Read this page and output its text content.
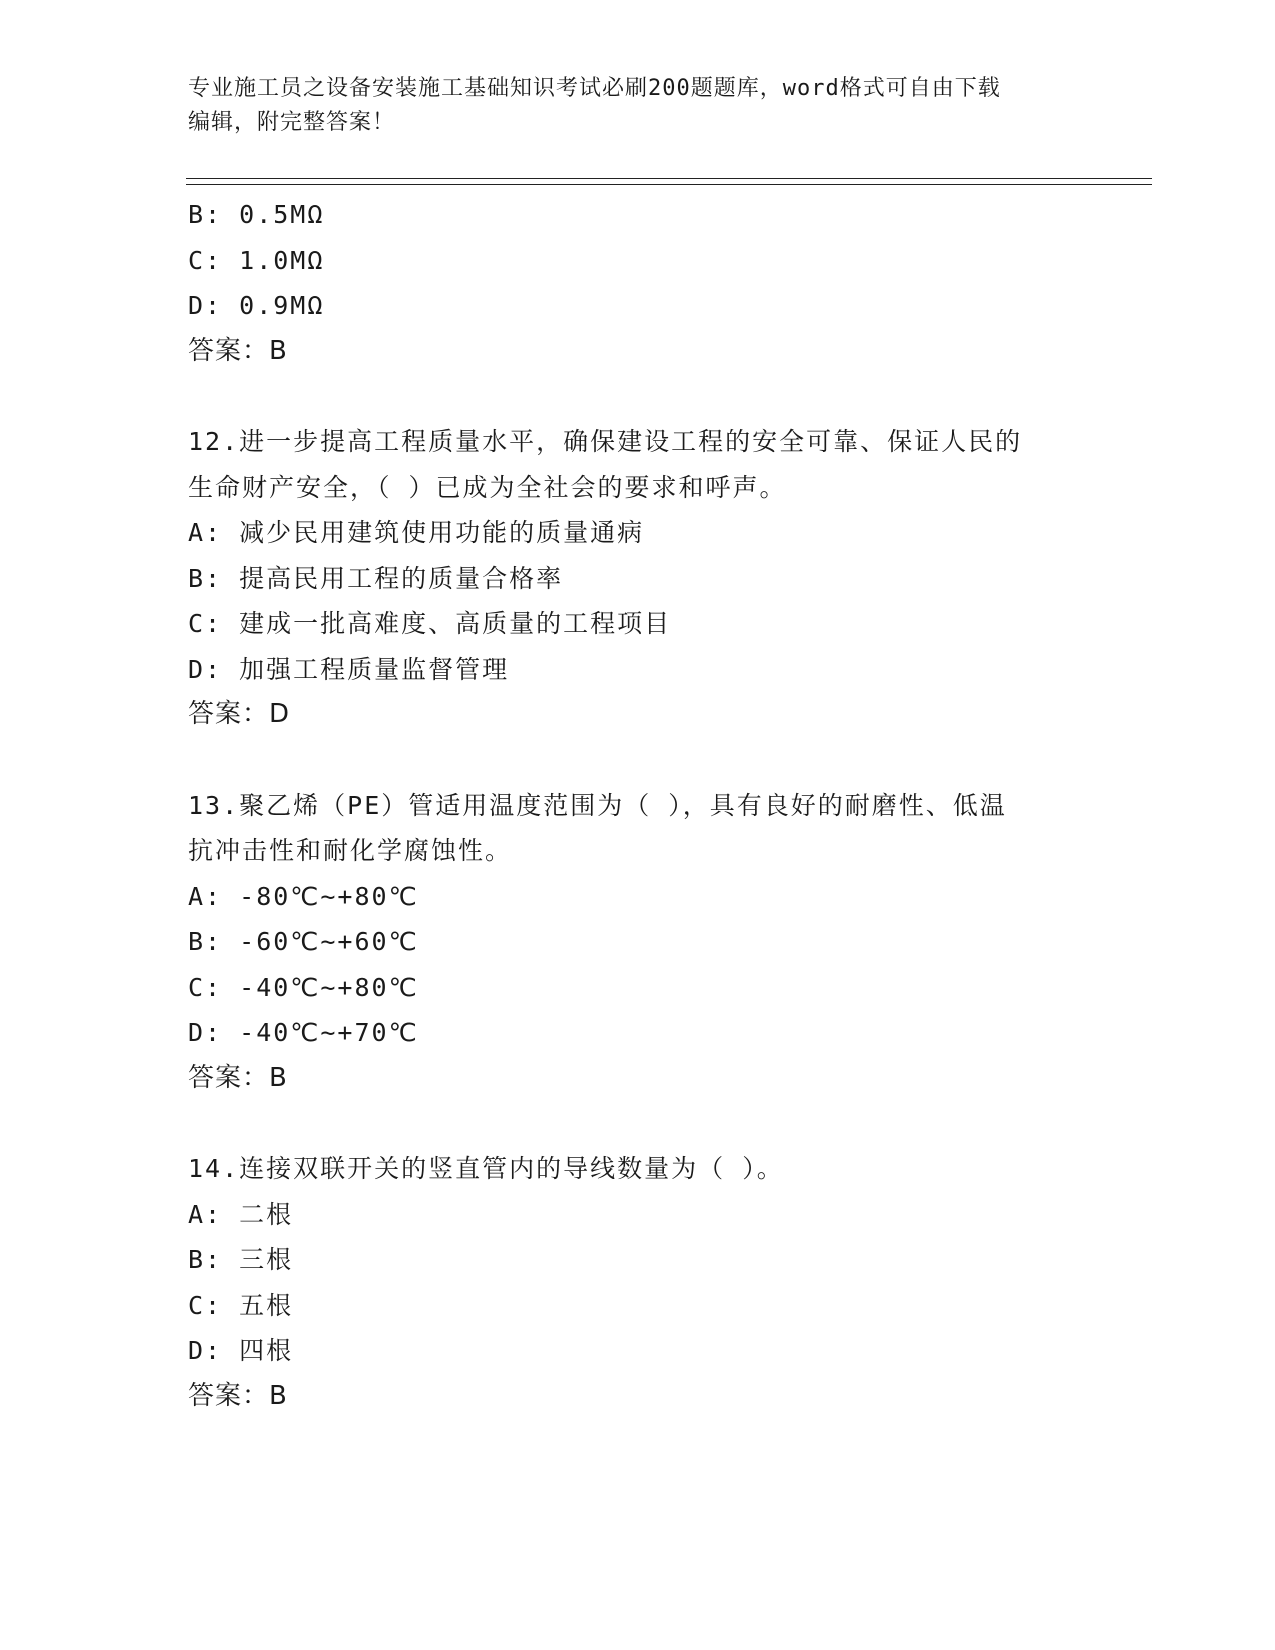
专业施工员之设备安装施工基础知识考试必刷200题题库，word格式可自由下载
编辑，附完整答案！
B: 0.5MΩ
C: 1.0MΩ
D: 0.9MΩ
答案：B
12.进一步提高工程质量水平，确保建设工程的安全可靠、保证人民的
生命财产安全，（ ）已成为全社会的要求和呼声。
A: 减少民用建筑使用功能的质量通病
B: 提高民用工程的质量合格率
C: 建成一批高难度、高质量的工程项目
D: 加强工程质量监督管理
答案：D
13.聚乙烯（PE）管适用温度范围为（ ），具有良好的耐磨性、低温
抗冲击性和耐化学腐蚀性。
A: -80℃~+80℃
B: -60℃~+60℃
C: -40℃~+80℃
D: -40℃~+70℃
答案：B
14.连接双联开关的竖直管内的导线数量为（ ）。
A: 二根
B: 三根
C: 五根
D: 四根
答案：B
